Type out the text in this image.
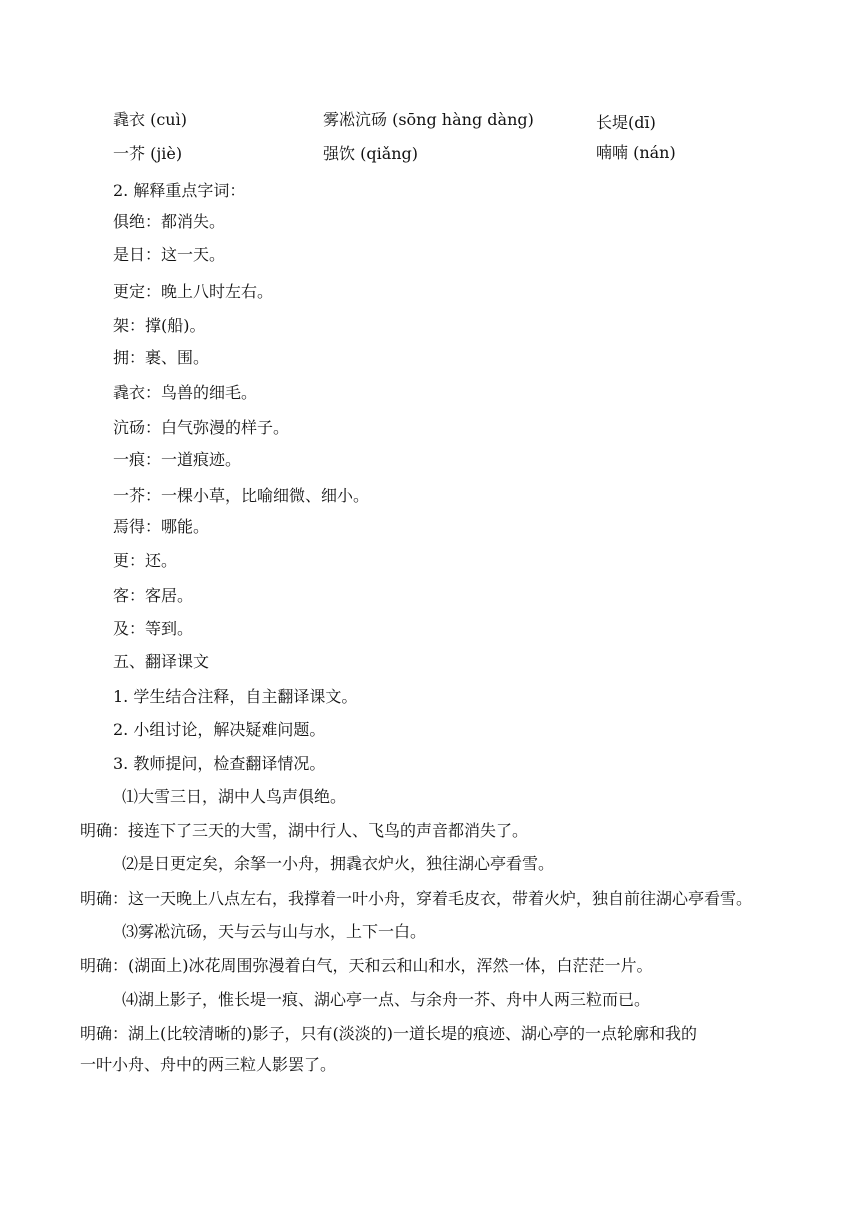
毳衣 (cuì)	雾凇沆砀 (sōng hàng dàng)	长堤(dī)
一芥 (jiè)	强饮 (qiǎng)	喃喃 (nán)
2. 解释重点字词：
俱绝：都消失。
是日：这一天。
更定：晚上八时左右。
架：撑(船)。
拥：裹、围。
毳衣：鸟兽的细毛。
沆砀：白气弥漫的样子。
一痕：一道痕迹。
一芥：一棵小草，比喻细微、细小。
焉得：哪能。
更：还。
客：客居。
及：等到。
五、翻译课文
1. 学生结合注释，自主翻译课文。
2. 小组讨论，解决疑难问题。
3. 教师提问，检查翻译情况。
⑴大雪三日，湖中人鸟声俱绝。
明确：接连下了三天的大雪，湖中行人、飞鸟的声音都消失了。
⑵是日更定矣，余拏一小舟，拥毳衣炉火，独往湖心亭看雪。
明确：这一天晚上八点左右，我撑着一叶小舟，穿着毛皮衣，带着火炉，独自前往湖心亭看雪。
⑶雾凇沆砀，天与云与山与水，上下一白。
明确：(湖面上)冰花周围弥漫着白气，天和云和山和水，浑然一体，白茫茫一片。
⑷湖上影子，惟长堤一痕、湖心亭一点、与余舟一芥、舟中人两三粒而已。
明确：湖上(比较清晰的)影子，只有(淡淡的)一道长堤的痕迹、湖心亭的一点轮廓和我的
一叶小舟、舟中的两三粒人影罢了。
